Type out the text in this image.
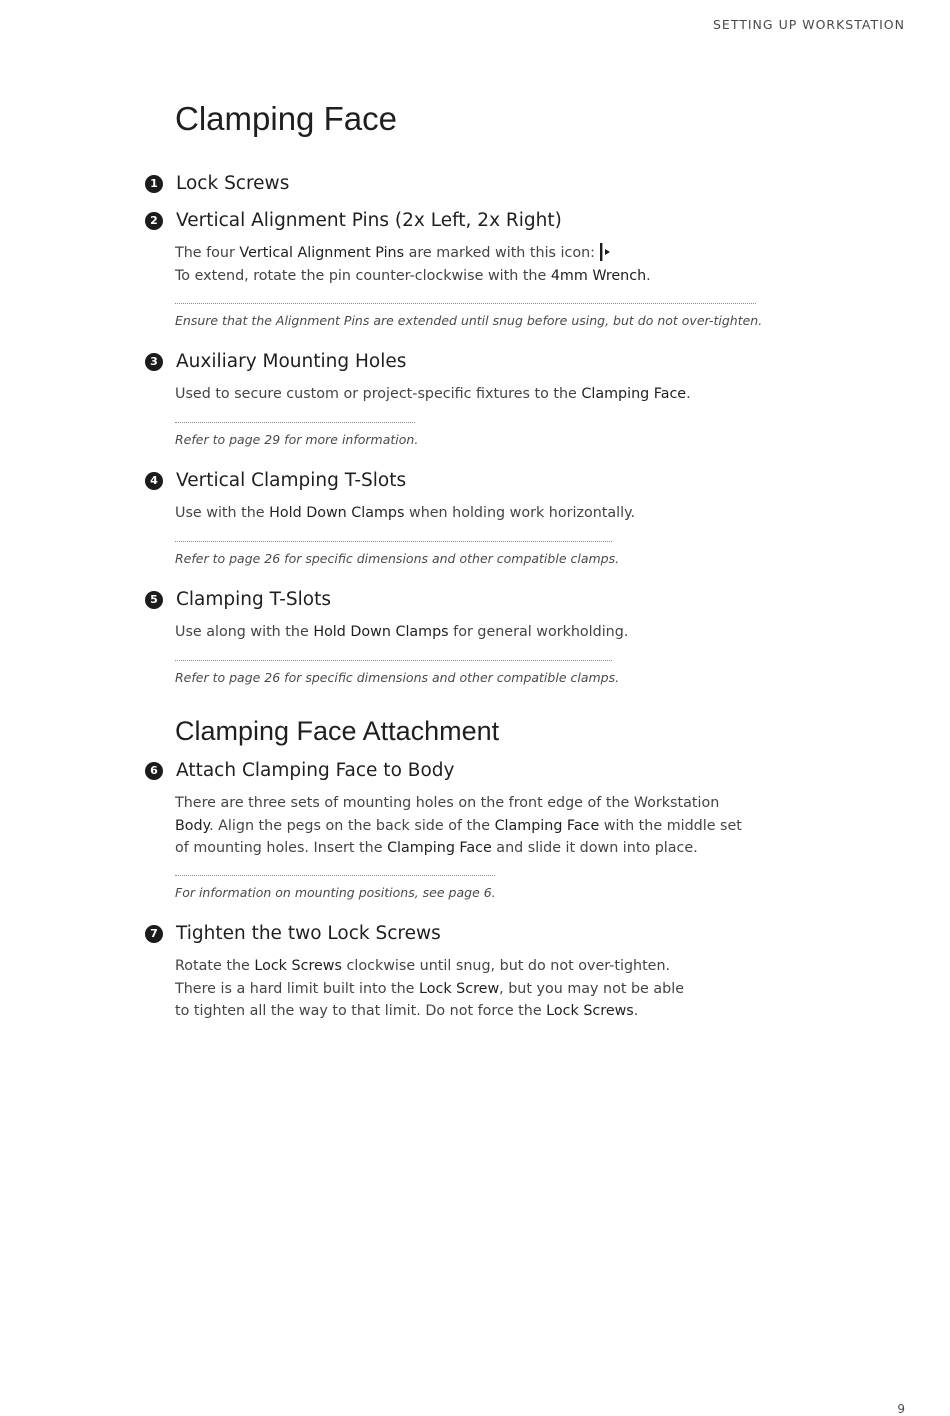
SETTING UP WORKSTATION
Clamping Face
1 Lock Screws
2 Vertical Alignment Pins (2x Left, 2x Right)
The four Vertical Alignment Pins are marked with this icon:

To extend, rotate the pin counter-clockwise with the 4mm Wrench.
Ensure that the Alignment Pins are extended until snug before using, but do not over-tighten.
3 Auxiliary Mounting Holes
Used to secure custom or project-specific fixtures to the Clamping Face.
Refer to page 29 for more information.
4 Vertical Clamping T-Slots
Use with the Hold Down Clamps when holding work horizontally.
Refer to page 26 for specific dimensions and other compatible clamps.
5 Clamping T-Slots
Use along with the Hold Down Clamps for general workholding.
Refer to page 26 for specific dimensions and other compatible clamps.
Clamping Face Attachment
6 Attach Clamping Face to Body
There are three sets of mounting holes on the front edge of the Workstation
Body. Align the pegs on the back side of the Clamping Face with the middle set
of mounting holes. Insert the Clamping Face and slide it down into place.
For information on mounting positions, see page 6.
7 Tighten the two Lock Screws
Rotate the Lock Screws clockwise until snug, but do not over-tighten.
There is a hard limit built into the Lock Screw, but you may not be able
to tighten all the way to that limit. Do not force the Lock Screws.
9
